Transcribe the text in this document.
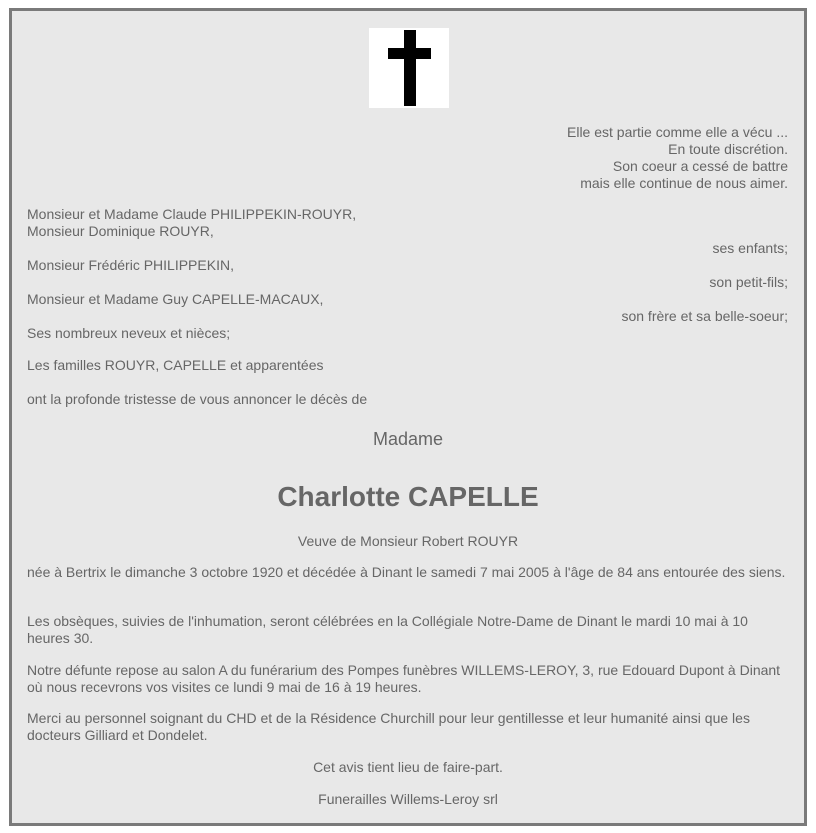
Elle est partie comme elle a vécu ...
En toute discrétion.
Son coeur a cessé de battre
mais elle continue de nous aimer.
Monsieur et Madame Claude PHILIPPEKIN-ROUYR,
Monsieur Dominique ROUYR,
ses enfants;
Monsieur Frédéric PHILIPPEKIN,
son petit-fils;
Monsieur et Madame Guy CAPELLE-MACAUX,
son frère et sa belle-soeur;
Ses nombreux neveux et nièces;
Les familles ROUYR, CAPELLE et apparentées
ont la profonde tristesse de vous annoncer le décès de
Madame
Charlotte CAPELLE
Veuve de Monsieur Robert ROUYR
née à Bertrix le dimanche 3 octobre 1920 et décédée à Dinant le samedi 7 mai 2005 à l'âge de 84 ans entourée des siens.
Les obsèques, suivies de l'inhumation, seront célébrées en la Collégiale Notre-Dame de Dinant le mardi 10 mai à 10 heures 30.
Notre défunte repose au salon A du funérarium des Pompes funèbres WILLEMS-LEROY, 3, rue Edouard Dupont à Dinant où nous recevrons vos visites ce lundi 9 mai de 16 à 19 heures.
Merci au personnel soignant du CHD et de la Résidence Churchill pour leur gentillesse et leur humanité ainsi que les docteurs Gilliard et Dondelet.
Cet avis tient lieu de faire-part.
Funerailles Willems-Leroy srl
